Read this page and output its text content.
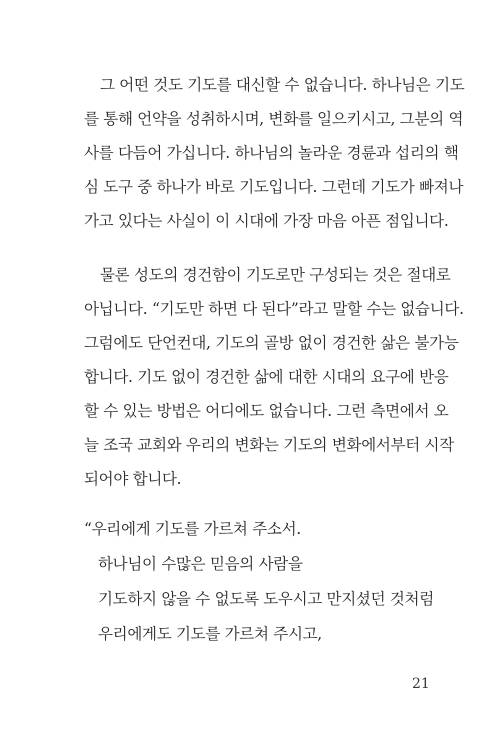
그 어떤 것도 기도를 대신할 수 없습니다. 하나님은 기도
를 통해 언약을 성취하시며, 변화를 일으키시고, 그분의 역
사를 다듬어 가십니다. 하나님의 놀라운 경륜과 섭리의 핵
심 도구 중 하나가 바로 기도입니다. 그런데 기도가 빠져나
가고 있다는 사실이 이 시대에 가장 마음 아픈 점입니다.
물론 성도의 경건함이 기도로만 구성되는 것은 절대로
아닙니다. “기도만 하면 다 된다”라고 말할 수는 없습니다.
그럼에도 단언컨대, 기도의 골방 없이 경건한 삶은 불가능
합니다. 기도 없이 경건한 삶에 대한 시대의 요구에 반응
할 수 있는 방법은 어디에도 없습니다. 그런 측면에서 오
늘 조국 교회와 우리의 변화는 기도의 변화에서부터 시작
되어야 합니다.
“우리에게 기도를 가르쳐 주소서.
하나님이 수많은 믿음의 사람을
기도하지 않을 수 없도록 도우시고 만지셨던 것처럼
우리에게도 기도를 가르쳐 주시고,
21
